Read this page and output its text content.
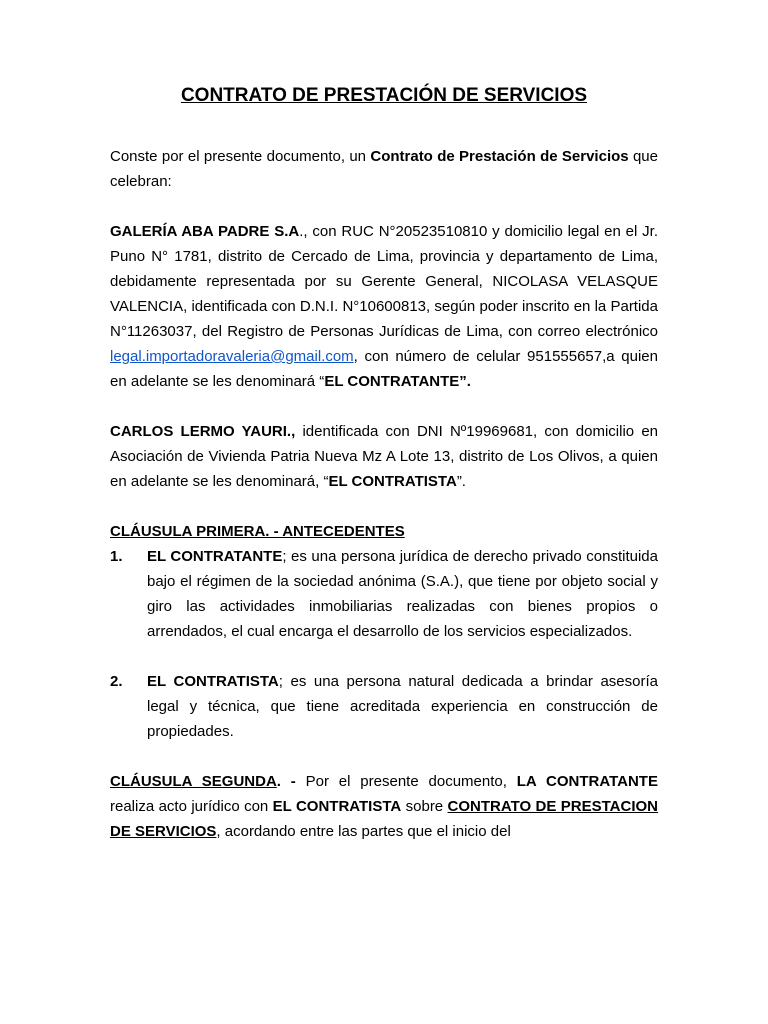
CONTRATO DE PRESTACIÓN DE SERVICIOS

Conste por el presente documento, un Contrato de Prestación de Servicios que celebran:

GALERÍA ABA PADRE S.A., con RUC N°20523510810 y domicilio legal en el Jr. Puno N° 1781, distrito de Cercado de Lima, provincia y departamento de Lima, debidamente representada por su Gerente General, NICOLASA VELASQUE VALENCIA, identificada con D.N.I. N°10600813, según poder inscrito en la Partida N°11263037, del Registro de Personas Jurídicas de Lima, con correo electrónico legal.importadoravaleria@gmail.com, con número de celular 951555657,a quien en adelante se les denominará “EL CONTRATANTE”.

CARLOS LERMO YAURI., identificada con DNI Nº19969681, con domicilio en Asociación de Vivienda Patria Nueva Mz A Lote 13, distrito de Los Olivos, a quien en adelante se les denominará, “EL CONTRATISTA”.

CLÁUSULA PRIMERA. - ANTECEDENTES
1.	EL CONTRATANTE; es una persona jurídica de derecho privado constituida bajo el régimen de la sociedad anónima (S.A.), que tiene por objeto social y giro las actividades inmobiliarias realizadas con bienes propios o arrendados, el cual encarga el desarrollo de los servicios especializados.

2.	EL CONTRATISTA; es una persona natural dedicada a brindar asesoría legal y técnica, que tiene acreditada experiencia en construcción de propiedades.

CLÁUSULA SEGUNDA. - Por el presente documento, LA CONTRATANTE realiza acto jurídico con EL CONTRATISTA sobre CONTRATO DE PRESTACION DE SERVICIOS, acordando entre las partes que el inicio del
